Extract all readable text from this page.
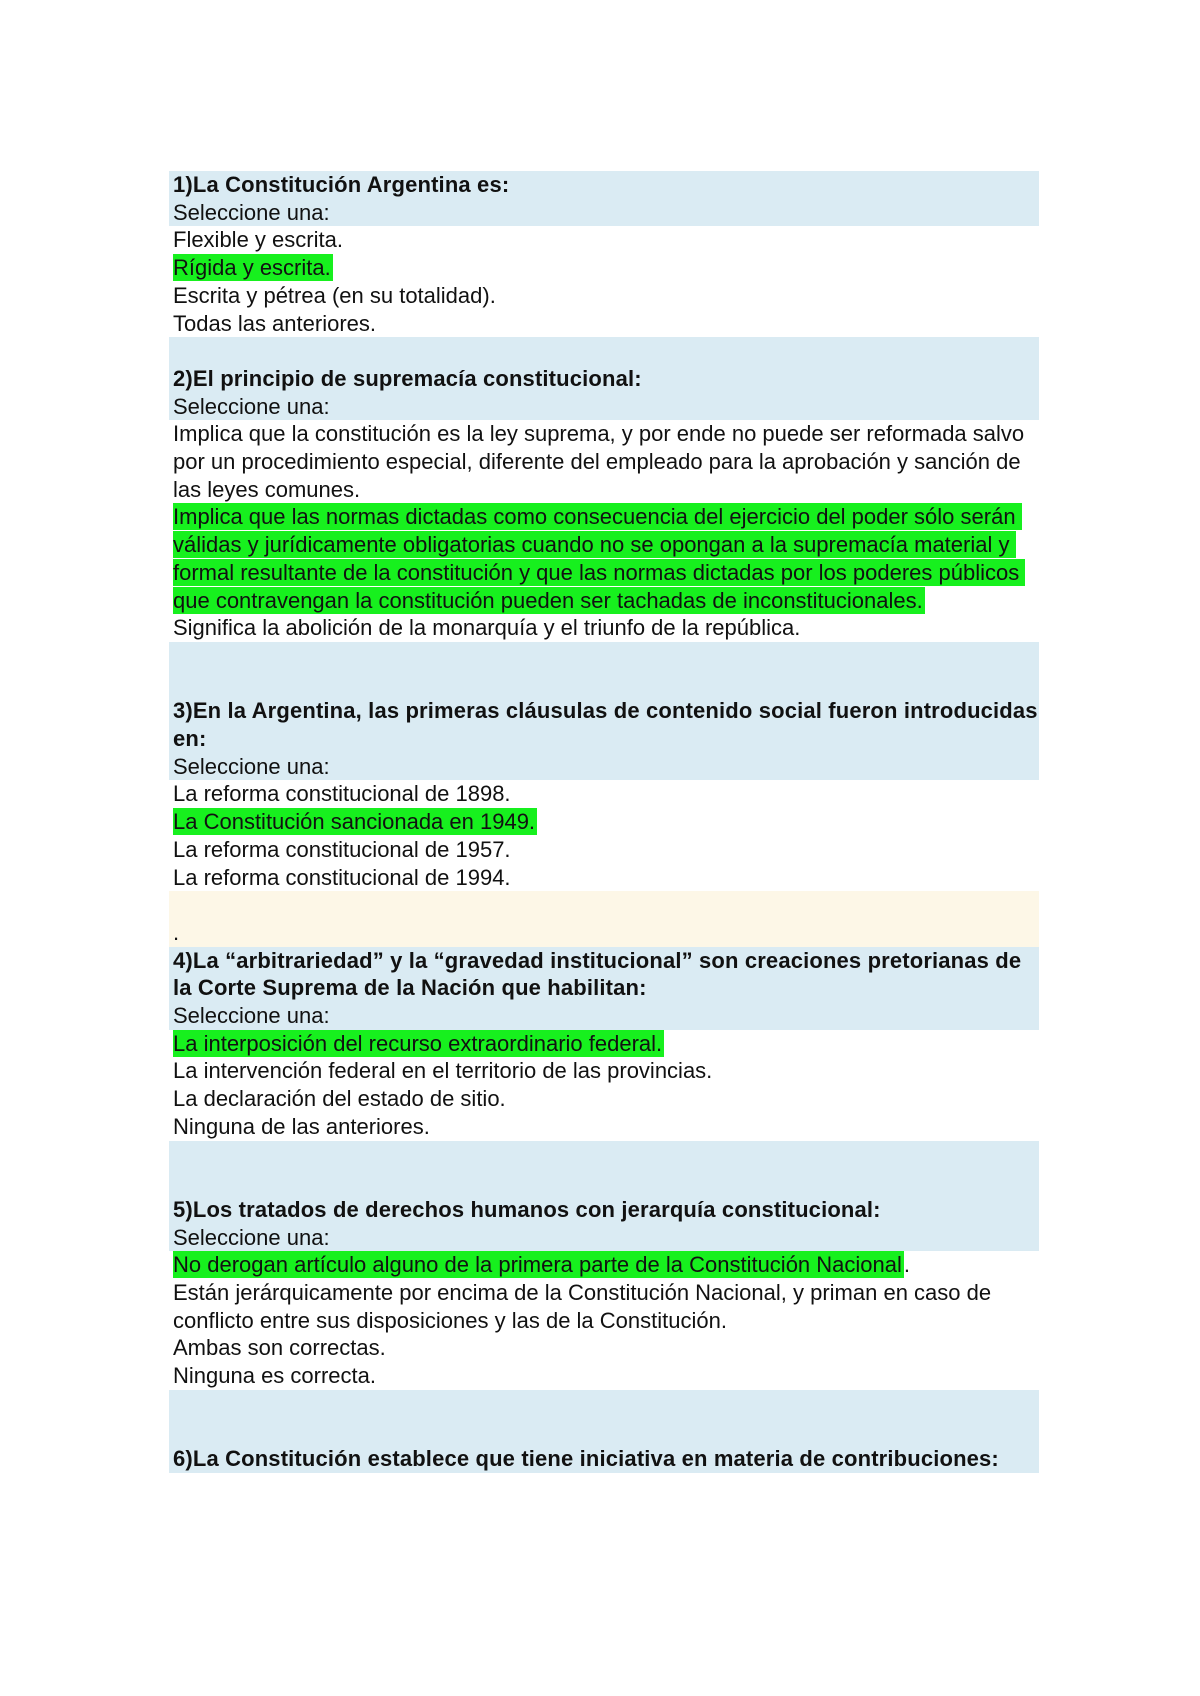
1)La Constitución Argentina es:
Seleccione una:
Flexible y escrita.
Rígida y escrita.
Escrita y pétrea (en su totalidad).
Todas las anteriores.
2)El principio de supremacía constitucional:
Seleccione una:
Implica que la constitución es la ley suprema, y por ende no puede ser reformada salvo por un procedimiento especial, diferente del empleado para la aprobación y sanción de las leyes comunes.
Implica que las normas dictadas como consecuencia del ejercicio del poder sólo serán válidas y jurídicamente obligatorias cuando no se opongan a la supremacía material y formal resultante de la constitución y que las normas dictadas por los poderes públicos que contravengan la constitución pueden ser tachadas de inconstitucionales.
Significa la abolición de la monarquía y el triunfo de la república.
3)En la Argentina, las primeras cláusulas de contenido social fueron introducidas en:
Seleccione una:
La reforma constitucional de 1898.
La Constitución sancionada en 1949.
La reforma constitucional de 1957.
La reforma constitucional de 1994.
.
4)La “arbitrariedad” y la “gravedad institucional” son creaciones pretorianas de la Corte Suprema de la Nación que habilitan:
Seleccione una:
La interposición del recurso extraordinario federal.
La intervención federal en el territorio de las provincias.
La declaración del estado de sitio.
Ninguna de las anteriores.
5)Los tratados de derechos humanos con jerarquía constitucional:
Seleccione una:
No derogan artículo alguno de la primera parte de la Constitución Nacional.
Están jerárquicamente por encima de la Constitución Nacional, y priman en caso de conflicto entre sus disposiciones y las de la Constitución.
Ambas son correctas.
Ninguna es correcta.
6)La Constitución establece que tiene iniciativa en materia de contribuciones:
